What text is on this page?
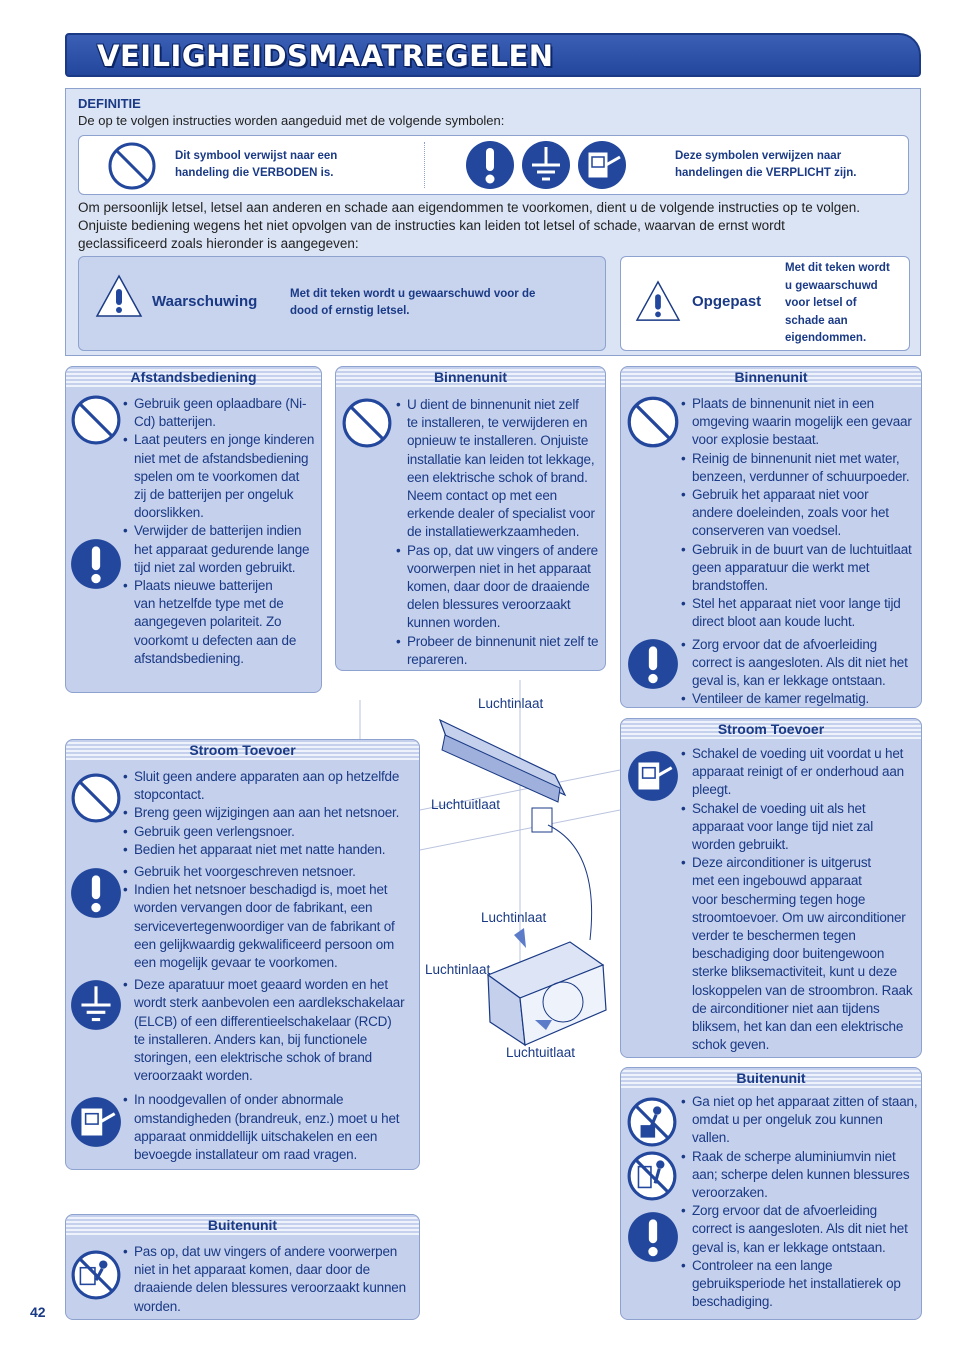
VEILIGHEIDSMAATREGELEN
DEFINITIE
De op te volgen instructies worden aangeduid met de volgende symbolen:
Dit symbool verwijst naar een
handeling die VERBODEN is.
Deze symbolen verwijzen naar
handelingen die VERPLICHT zijn.
Om persoonlijk letsel, letsel aan anderen en schade aan eigendommen te voorkomen, dient u de volgende instructies op te volgen.
Onjuiste bediening wegens het niet opvolgen van de instructies kan leiden tot letsel of schade, waarvan de ernst wordt
geclassificeerd zoals hieronder is aangegeven:
Waarschuwing	Met dit teken wordt u gewaarschuwd voor de
dood of ernstig letsel.
Opgepast
Met dit teken wordt
u gewaarschuwd
voor letsel of
schade aan
eigendommen.
Luchtinlaat
Luchtuitlaat
Luchtinlaat
Luchtinlaat
Luchtuitlaat
Afstandsbediening
• Gebruik geen oplaadbare (Ni-
Cd) batterijen.
• Laat peuters en jonge kinderen
niet met de afstandsbediening
spelen om te voorkomen dat
zij de batterijen per ongeluk
doorslikken.
• Verwijder de batterijen indien
het apparaat gedurende lange
tijd niet zal worden gebruikt.
• Plaats nieuwe batterijen
van hetzelfde type met de
aangegeven polariteit. Zo
voorkomt u defecten aan de
afstandsbediening.
Binnenunit
• U dient de binnenunit niet zelf
te installeren, te verwijderen en
opnieuw te installeren. Onjuiste
installatie kan leiden tot lekkage,
een elektrische schok of brand.
Neem contact op met een
erkende dealer of specialist voor
de installatiewerkzaamheden.
• Pas op, dat uw vingers of andere
voorwerpen niet in het apparaat
komen, daar door de draaiende
delen blessures veroorzaakt
kunnen worden.
• Probeer de binnenunit niet zelf te
repareren.
Binnenunit
• Plaats de binnenunit niet in een
omgeving waarin mogelijk een gevaar
voor explosie bestaat.
• Reinig de binnenunit niet met water,
benzeen, verdunner of schuurpoeder.
• Gebruik het apparaat niet voor
andere doeleinden, zoals voor het
conserveren van voedsel.
• Gebruik in de buurt van de luchtuitlaat
geen apparatuur die werkt met
brandstoffen.
• Stel het apparaat niet voor lange tijd
direct bloot aan koude lucht.
• Zorg ervoor dat de afvoerleiding
correct is aangesloten. Als dit niet het
geval is, kan er lekkage ontstaan.
• Ventileer de kamer regelmatig.
Stroom Toevoer
• Sluit geen andere apparaten aan op hetzelfde
stopcontact.
• Breng geen wijzigingen aan aan het netsnoer.
• Gebruik geen verlengsnoer.
• Bedien het apparaat niet met natte handen.
• Gebruik het voorgeschreven netsnoer.
• Indien het netsnoer beschadigd is, moet het
worden vervangen door de fabrikant, een
servicevertegenwoordiger van de fabrikant of
een gelijkwaardig gekwalificeerd persoon om
een mogelijk gevaar te voorkomen.
• Deze aparatuur moet geaard worden en het
wordt sterk aanbevolen een aardlekschakelaar
(ELCB) of een differentieelschakelaar (RCD)
te installeren. Anders kan, bij functionele
storingen, een elektrische schok of brand
veroorzaakt worden.
• In noodgevallen of onder abnormale
omstandigheden (brandreuk, enz.) moet u het
apparaat onmiddellijk uitschakelen en een
bevoegde installateur om raad vragen.
Stroom Toevoer
• Schakel de voeding uit voordat u het
apparaat reinigt of er onderhoud aan
pleegt.
• Schakel de voeding uit als het
apparaat voor lange tijd niet zal
worden gebruikt.
• Deze airconditioner is uitgerust
met een ingebouwd apparaat
voor bescherming tegen hoge
stroomtoevoer. Om uw airconditioner
verder te beschermen tegen
beschadiging door buitengewoon
sterke bliksemactiviteit, kunt u deze
loskoppelen van de stroombron. Raak
de airconditioner niet aan tijdens
bliksem, het kan dan een elektrische
schok geven.
Buitenunit
• Ga niet op het apparaat zitten of staan,
omdat u per ongeluk zou kunnen
vallen.
• Raak de scherpe aluminiumvin niet
aan; scherpe delen kunnen blessures
veroorzaken.
• Zorg ervoor dat de afvoerleiding
correct is aangesloten. Als dit niet het
geval is, kan er lekkage ontstaan.
• Controleer na een lange
gebruiksperiode het installatierek op
beschadiging.
Buitenunit
• Pas op, dat uw vingers of andere voorwerpen
niet in het apparaat komen, daar door de
draaiende delen blessures veroorzaakt kunnen
worden.
42
